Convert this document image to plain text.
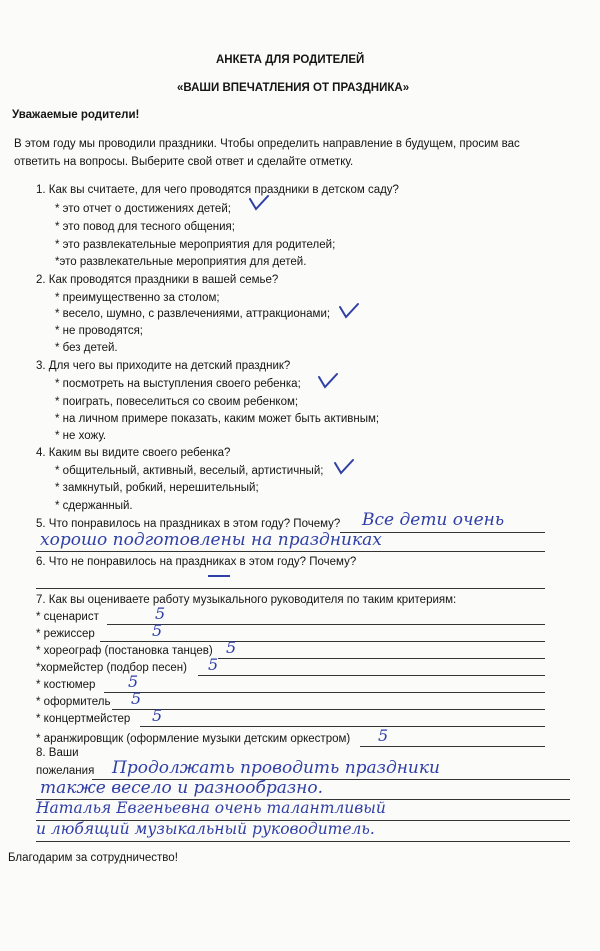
АНКЕТА ДЛЯ РОДИТЕЛЕЙ
«ВАШИ ВПЕЧАТЛЕНИЯ ОТ ПРАЗДНИКА»
Уважаемые родители!
В этом году мы проводили праздники. Чтобы определить направление в будущем, просим вас
ответить на вопросы. Выберите свой ответ и сделайте отметку.
1. Как вы считаете, для чего проводятся праздники в детском саду?
* это отчет о достижениях детей;
* это повод для тесного общения;
* это развлекательные мероприятия для родителей;
*это развлекательные мероприятия для детей.
2. Как проводятся праздники в вашей семье?
* преимущественно за столом;
* весело, шумно, с развлечениями, аттракционами;
* не проводятся;
* без детей.
3. Для чего вы приходите на детский праздник?
* посмотреть на выступления своего ребенка;
* поиграть, повеселиться со своим ребенком;
* на личном примере показать, каким может быть активным;
* не хожу.
4. Каким вы видите своего ребенка?
* общительный, активный, веселый, артистичный;
* замкнутый, робкий, нерешительный;
* сдержанный.
5. Что понравилось на праздниках в этом году? Почему? Все дети очень
хорошо подготовлены на праздниках
6. Что не понравилось на праздниках в этом году? Почему?
7. Как вы оцениваете работу музыкального руководителя по таким критериям:
* сценарист	5
* режиссер	5
* хореограф (постановка танцев) 5
*хормейстер (подбор песен) 5
* костюмер 5
* оформитель 5
* концертмейстер 5
* аранжировщик (оформление музыки детским оркестром) 5
8. Ваши
пожелания Продолжать проводить праздники
также весело и разнообразно.
Наталья Евгеньевна очень талантливый
и любящий музыкальный руководитель.
Благодарим за сотрудничество!
